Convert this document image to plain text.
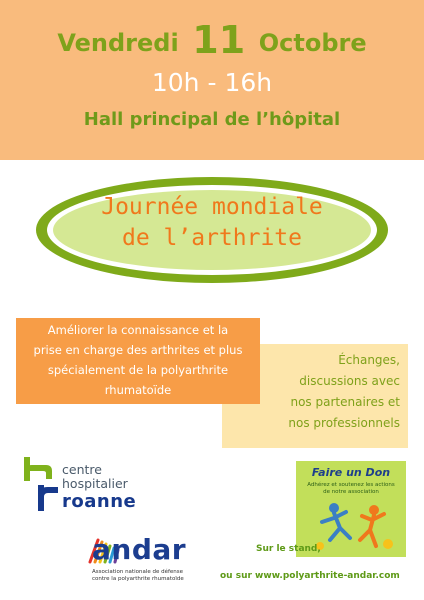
Vendredi 11 Octobre
10h - 16h
Hall principal de l’hôpital
Journée mondiale
de l’arthrite
Échanges,
discussions avec
nos partenaires et
nos professionnels
Améliorer la connaissance et la
prise en charge des arthrites et plus
spécialement de la polyarthrite
rhumatoïde
centre
hospitalier
roanne
andar
Association nationale de défense
contre la polyarthrite rhumatoïde
Faire un Don
Adhérez et soutenez les actions
de notre association
Sur le stand,
ou sur www.polyarthrite-andar.com
